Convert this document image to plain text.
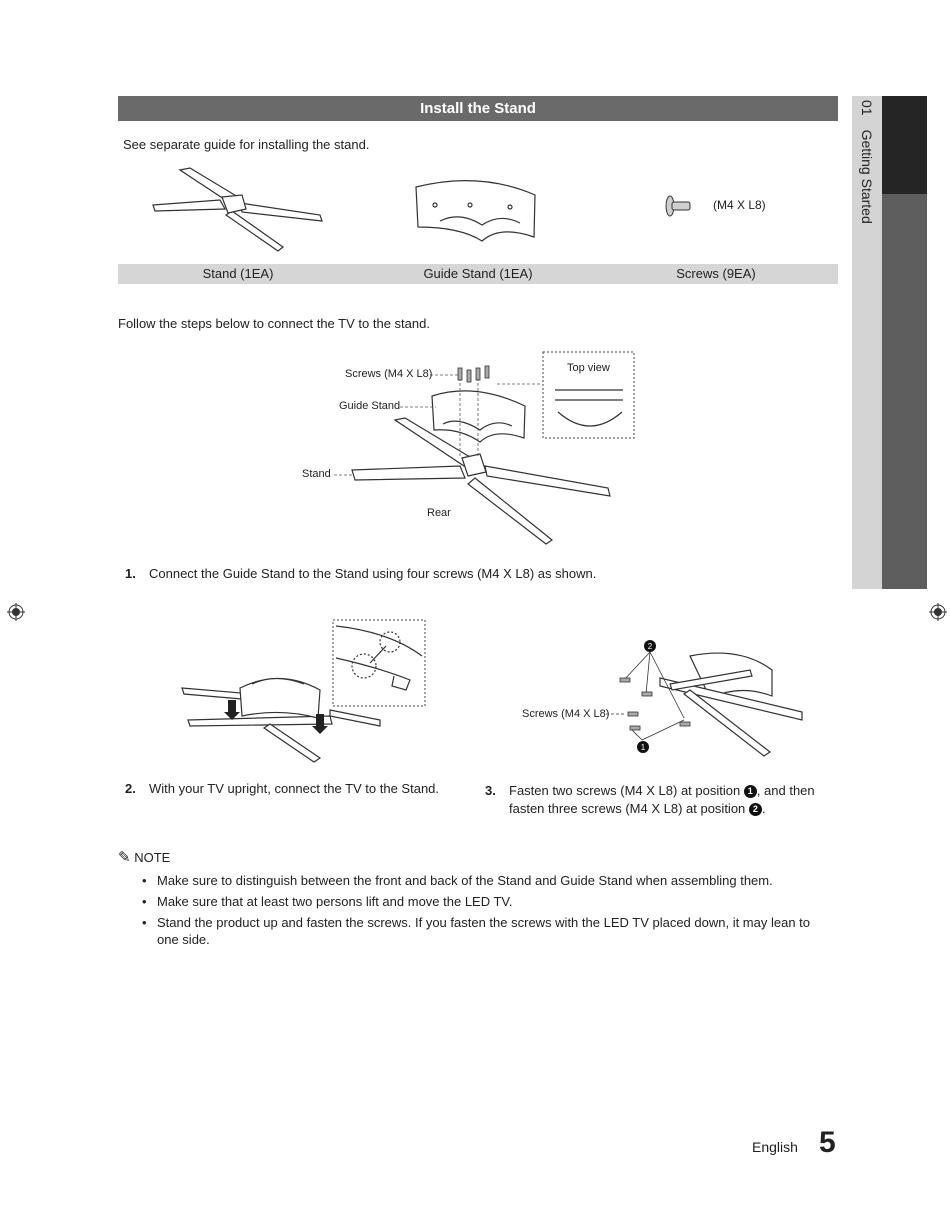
Install the Stand
See separate guide for installing the stand.
(M4 X L8)
Stand (1EA)	Guide Stand (1EA)	Screws (9EA)
Follow the steps below to connect the TV to the stand.
Screws (M4 X L8)
Guide Stand
Stand
Rear
Top view
1. Connect the Guide Stand to the Stand using four screws (M4 X L8) as shown.
2
1
Screws (M4 X L8)
2. With your TV upright, connect the TV to the Stand.	3. Fasten two screws (M4 X L8) at position 1 , and then
fasten three screws (M4 X L8) at position 2 .
✎ NOTE
• Make sure to distinguish between the front and back of the Stand and Guide Stand when assembling them.
• Make sure that at least two persons lift and move the LED TV.
• Stand the product up and fasten the screws. If you fasten the screws with the LED TV placed down, it may lean to one side.
01Getting Started
English 5
